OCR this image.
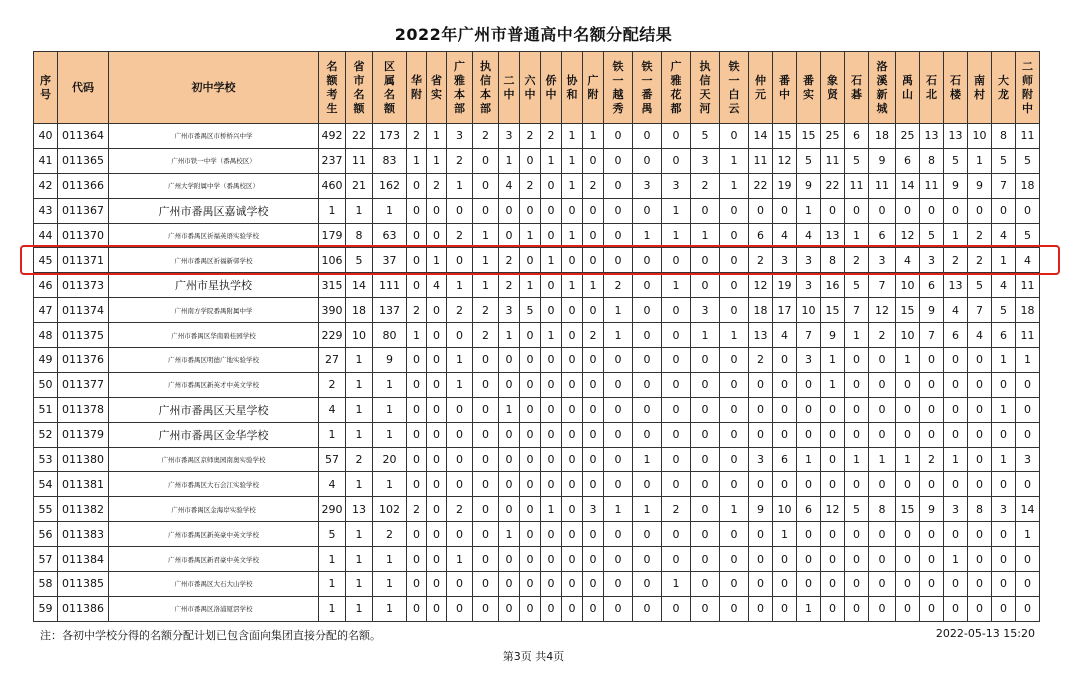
2022年广州市普通高中名额分配结果
序号	代码	初中学校	名额考生	省市名额	区属名额	华附	省实	广雅本部	执信本部	二中	六中	侨中	协和	广附	铁一越秀	铁一番禺	广雅花都	执信天河	铁一白云	仲元	番中	番实	象贤	石碁	洛溪新城	禹山	石北	石楼	南村	大龙	二师附中
40	011364	广州市番禺区市桥桥兴中学	492	22	173	2	1	3	2	3	2	2	1	1	0	0	0	5	0	14	15	15	25	6	18	25	13	13	10	8	11
41	011365	广州市铁一中学（番禺校区）	237	11	83	1	1	2	0	1	0	1	1	0	0	0	0	3	1	11	12	5	11	5	9	6	8	5	1	5	5
42	011366	广州大学附属中学（番禺校区）	460	21	162	0	2	1	0	4	2	0	1	2	0	3	3	2	1	22	19	9	22	11	11	14	11	9	9	7	18
43	011367	广州市番禺区嘉诚学校	1	1	1	0	0	0	0	0	0	0	0	0	0	0	1	0	0	0	0	1	0	0	0	0	0	0	0	0	0
44	011370	广州市番禺区祈福英语实验学校	179	8	63	0	0	2	1	0	1	0	1	0	0	1	1	1	0	6	4	4	13	1	6	12	5	1	2	4	5
45	011371	广州市番禺区祈福新邨学校	106	5	37	0	1	0	1	2	0	1	0	0	0	0	0	0	0	2	3	3	8	2	3	4	3	2	2	1	4
46	011373	广州市星执学校	315	14	111	0	4	1	1	2	1	0	1	1	2	0	1	0	0	12	19	3	16	5	7	10	6	13	5	4	11
47	011374	广州南方学院番禺附属中学	390	18	137	2	0	2	2	3	5	0	0	0	1	0	0	3	0	18	17	10	15	7	12	15	9	4	7	5	18
48	011375	广州市番禺区华南碧桂园学校	229	10	80	1	0	0	2	1	0	1	0	2	1	0	0	1	1	13	4	7	9	1	2	10	7	6	4	6	11
49	011376	广州市番禺区明德广地实验学校	27	1	9	0	0	1	0	0	0	0	0	0	0	0	0	0	0	2	0	3	1	0	0	1	0	0	0	1	1
50	011377	广州市番禺区新英才中英文学校	2	1	1	0	0	1	0	0	0	0	0	0	0	0	0	0	0	0	0	0	1	0	0	0	0	0	0	0	0
51	011378	广州市番禺区天星学校	4	1	1	0	0	0	0	1	0	0	0	0	0	0	0	0	0	0	0	0	0	0	0	0	0	0	0	1	0
52	011379	广州市番禺区金华学校	1	1	1	0	0	0	0	0	0	0	0	0	0	0	0	0	0	0	0	0	0	0	0	0	0	0	0	0	0
53	011380	广州市番禺区京师奥园南奥实验学校	57	2	20	0	0	0	0	0	0	0	0	0	0	1	0	0	0	3	6	1	0	1	1	1	2	1	0	1	3
54	011381	广州市番禺区大石会江实验学校	4	1	1	0	0	0	0	0	0	0	0	0	0	0	0	0	0	0	0	0	0	0	0	0	0	0	0	0	0
55	011382	广州市番禺区金海岸实验学校	290	13	102	2	0	2	0	0	0	1	0	3	1	1	2	0	1	9	10	6	12	5	8	15	9	3	8	3	14
56	011383	广州市番禺区新英豪中英文学校	5	1	2	0	0	0	0	1	0	0	0	0	0	0	0	0	0	0	1	0	0	0	0	0	0	0	0	0	1
57	011384	广州市番禺区新君豪中英文学校	1	1	1	0	0	1	0	0	0	0	0	0	0	0	0	0	0	0	0	0	0	0	0	0	0	1	0	0	0
58	011385	广州市番禺区大石大山学校	1	1	1	0	0	0	0	0	0	0	0	0	0	0	1	0	0	0	0	0	0	0	0	0	0	0	0	0	0
59	011386	广州市番禺区洛浦厦滘学校	1	1	1	0	0	0	0	0	0	0	0	0	0	0	0	0	0	0	0	1	0	0	0	0	0	0	0	0	0
注：各初中学校分得的名额分配计划已包含面向集团直接分配的名额。	2022-05-13 15:20
第3页 共4页
